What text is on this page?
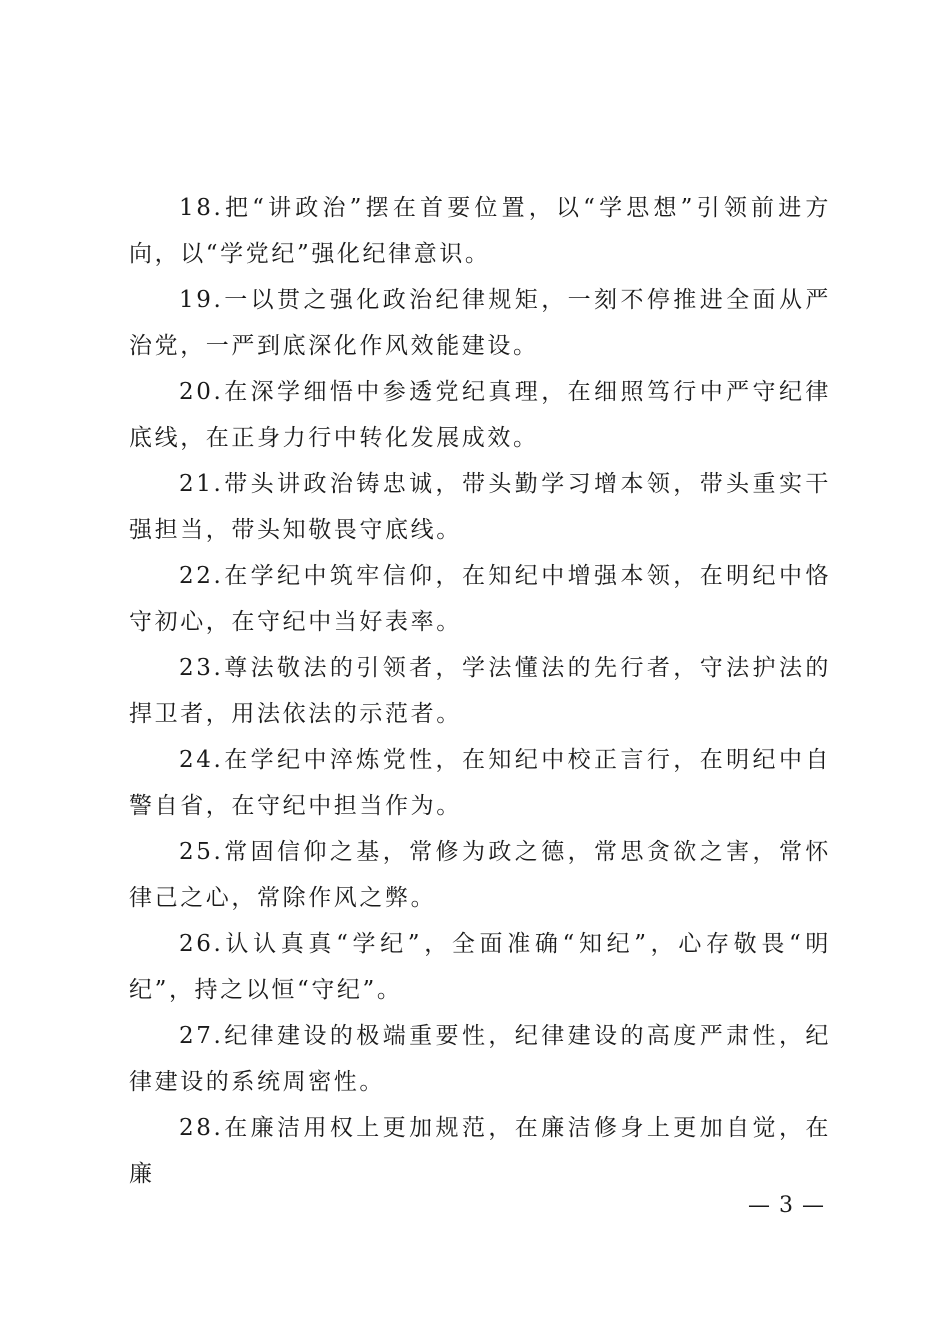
18.把“讲政治”摆在首要位置，以“学思想”引领前进方向，以“学党纪”强化纪律意识。

19.一以贯之强化政治纪律规矩，一刻不停推进全面从严治党，一严到底深化作风效能建设。

20.在深学细悟中参透党纪真理，在细照笃行中严守纪律底线，在正身力行中转化发展成效。

21.带头讲政治铸忠诚，带头勤学习增本领，带头重实干强担当，带头知敬畏守底线。

22.在学纪中筑牢信仰，在知纪中增强本领，在明纪中恪守初心，在守纪中当好表率。

23.尊法敬法的引领者，学法懂法的先行者，守法护法的捍卫者，用法依法的示范者。

24.在学纪中淬炼党性，在知纪中校正言行，在明纪中自警自省，在守纪中担当作为。

25.常固信仰之基，常修为政之德，常思贪欲之害，常怀律己之心，常除作风之弊。

26.认认真真“学纪”，全面准确“知纪”，心存敬畏“明纪”，持之以恒“守纪”。

27.纪律建设的极端重要性，纪律建设的高度严肃性，纪律建设的系统周密性。

28.在廉洁用权上更加规范，在廉洁修身上更加自觉，在廉

— 3 —
